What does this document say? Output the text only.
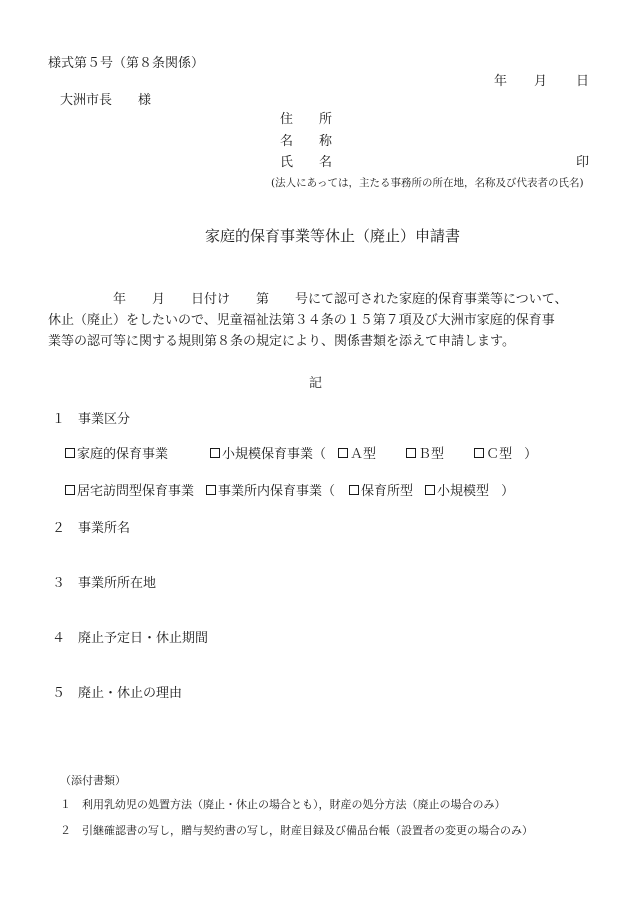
様式第５号（第８条関係）
年 月 日
大洲市長　　様
住　　所
名　　称
氏　　名	印
(法人にあっては，主たる事務所の所在地，名称及び代表者の氏名)
家庭的保育事業等休止（廃止）申請書

　　　　　年　　月　　日付け　　第　　号にて認可された家庭的保育事業等について、

休止（廃止）をしたいので、児童福祉法第３４条の１５第７項及び大洲市家庭的保育事

業等の認可等に関する規則第８条の規定により、関係書類を添えて申請します。

記
１　 事業区分
家庭的保育事業	小規模保育事業（ Ａ型	Ｂ型	Ｃ型 ）
居宅訪問型保育事業 事業所内保育事業（ 保育所型 小規模型 ）
２　 事業所名
３　 事業所所在地
４　 廃止予定日・休止期間
５　 廃止・休止の理由
（添付書類）
１　 利用乳幼児の処置方法（廃止・休止の場合とも），財産の処分方法（廃止の場合のみ）
２　 引継確認書の写し，贈与契約書の写し，財産目録及び備品台帳（設置者の変更の場合のみ）
